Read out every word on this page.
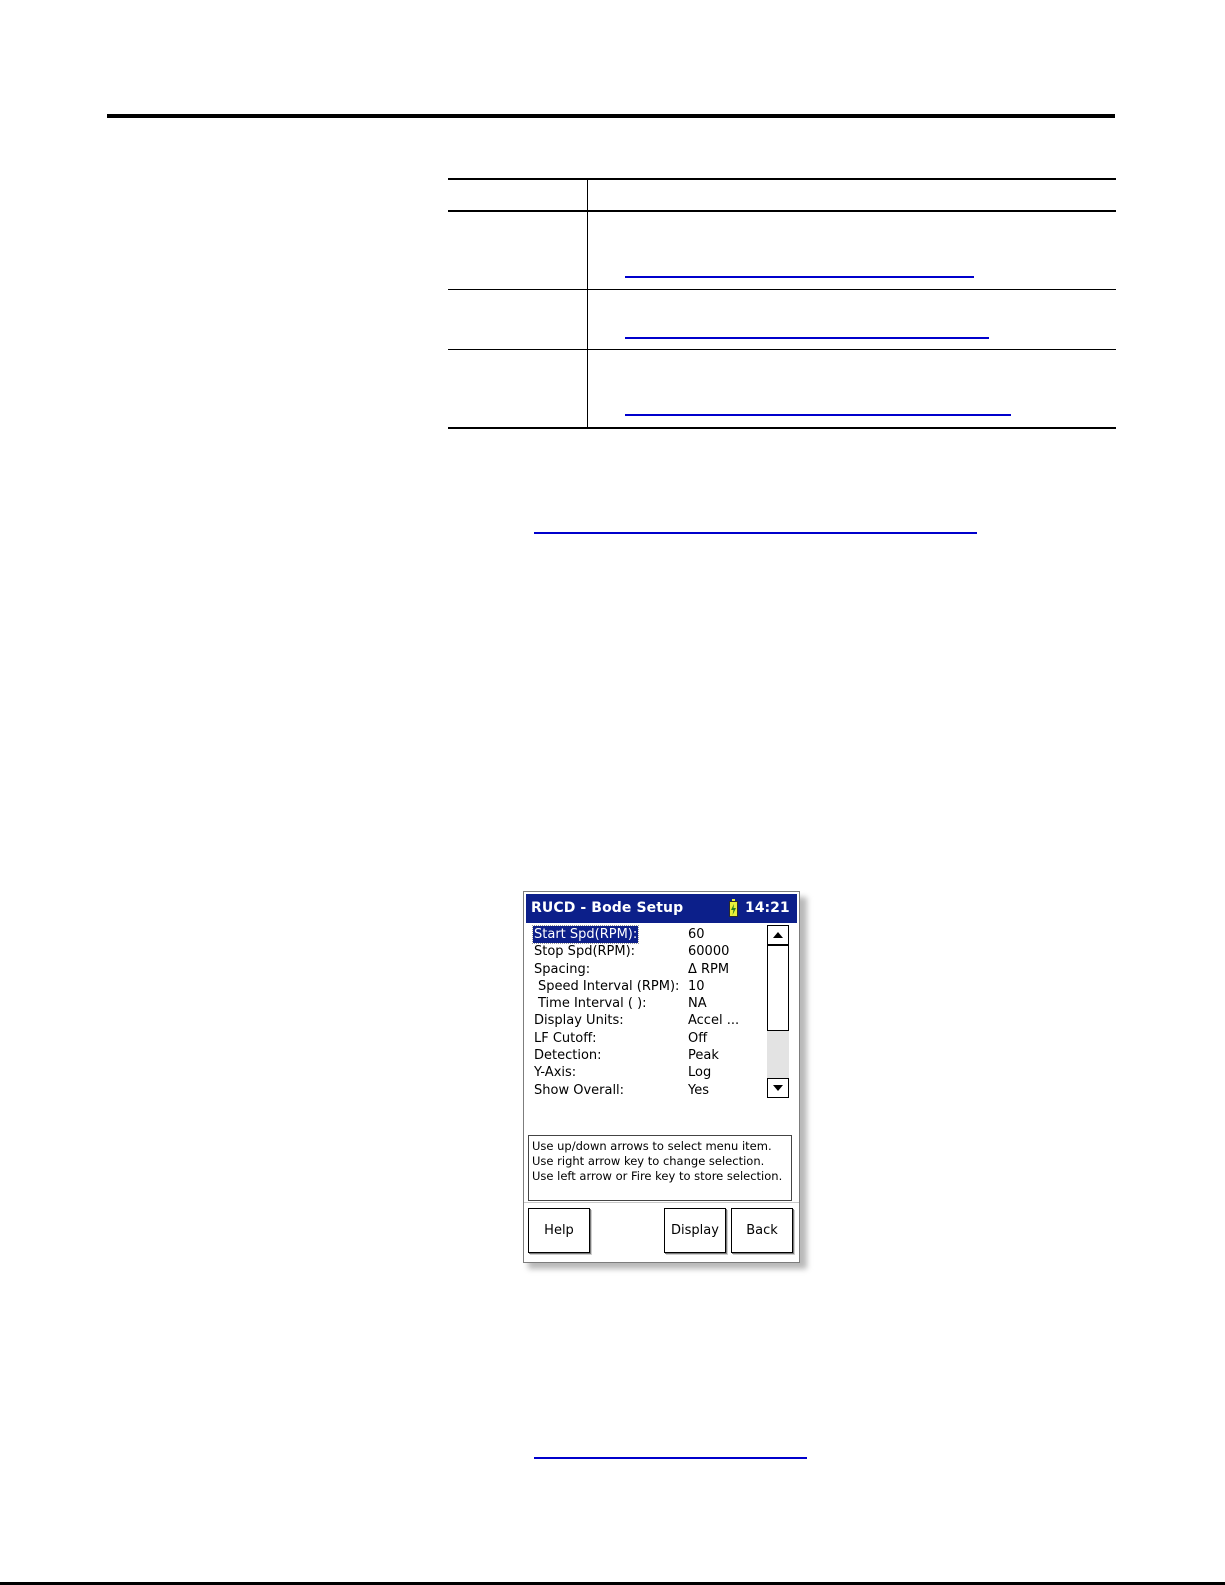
RUCD - Bode Setup	14:21
Start Spd(RPM):	60
Stop Spd(RPM):	60000
Spacing:	Δ RPM
Speed Interval (RPM): 10
Time Interval ( ):	NA
Display Units:	Accel ...
LF Cutoff:	Off
Detection:	Peak
Y-Axis:	Log
Show Overall:	Yes
Use up/down arrows to select menu item.
Use right arrow key to change selection.
Use left arrow or Fire key to store selection.
Help	Display	Back
